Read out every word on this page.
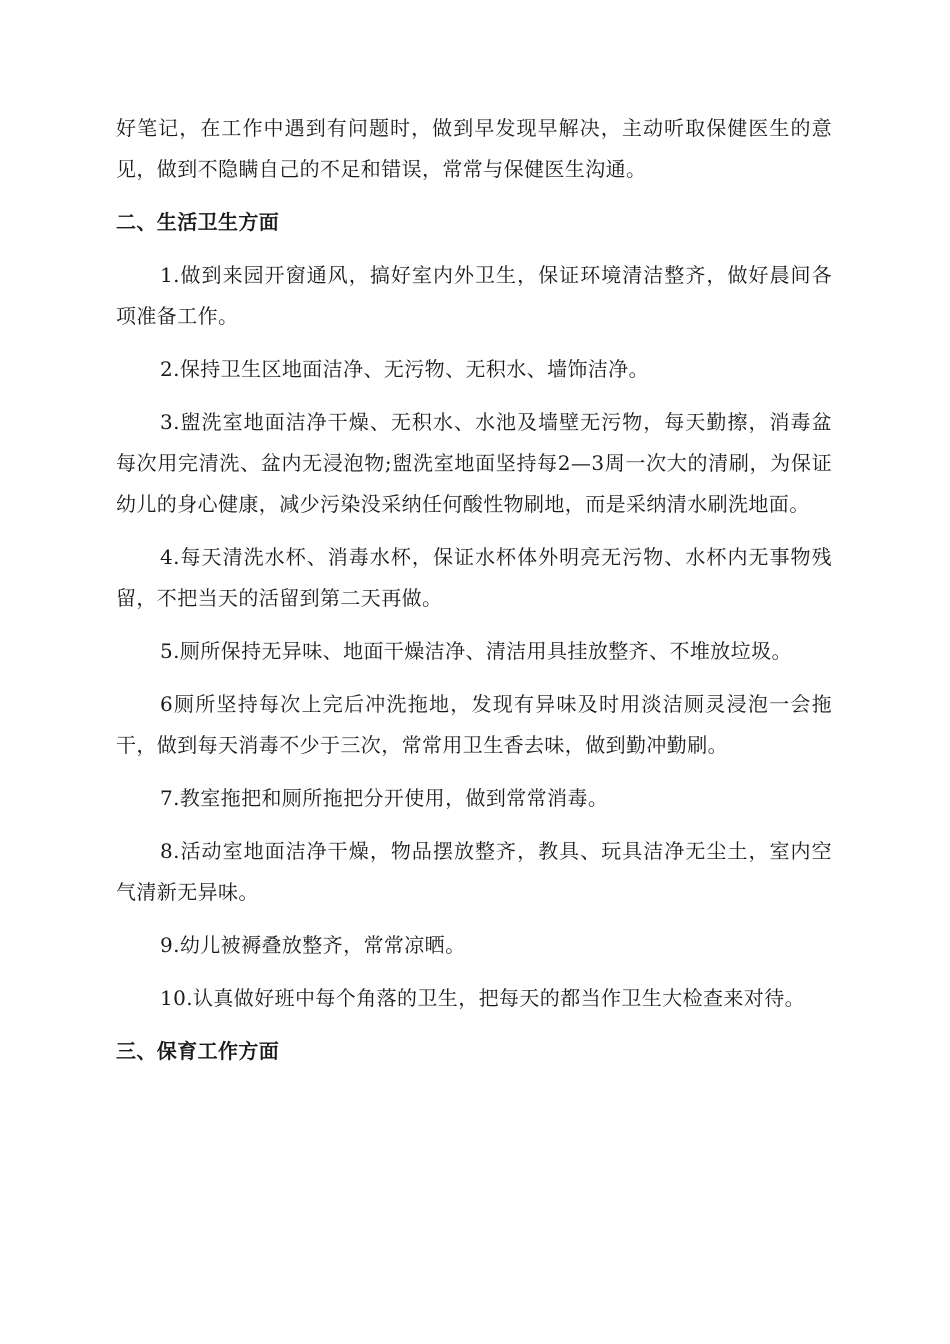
好笔记，在工作中遇到有问题时，做到早发现早解决，主动听取保健医生的意见，做到不隐瞒自己的不足和错误，常常与保健医生沟通。

二、生活卫生方面

1.做到来园开窗通风，搞好室内外卫生，保证环境清洁整齐，做好晨间各项准备工作。

2.保持卫生区地面洁净、无污物、无积水、墙饰洁净。

3.盥洗室地面洁净干燥、无积水、水池及墙壁无污物，每天勤擦，消毒盆每次用完清洗、盆内无浸泡物;盥洗室地面坚持每2—3周一次大的清刷，为保证幼儿的身心健康，减少污染没采纳任何酸性物刷地，而是采纳清水刷洗地面。

4.每天清洗水杯、消毒水杯，保证水杯体外明亮无污物、水杯内无事物残留，不把当天的活留到第二天再做。

5.厕所保持无异味、地面干燥洁净、清洁用具挂放整齐、不堆放垃圾。

6厕所坚持每次上完后冲洗拖地，发现有异味及时用淡洁厕灵浸泡一会拖干，做到每天消毒不少于三次，常常用卫生香去味，做到勤冲勤刷。

7.教室拖把和厕所拖把分开使用，做到常常消毒。

8.活动室地面洁净干燥，物品摆放整齐，教具、玩具洁净无尘土，室内空气清新无异味。

9.幼儿被褥叠放整齐，常常凉晒。

10.认真做好班中每个角落的卫生，把每天的都当作卫生大检查来对待。

三、保育工作方面
